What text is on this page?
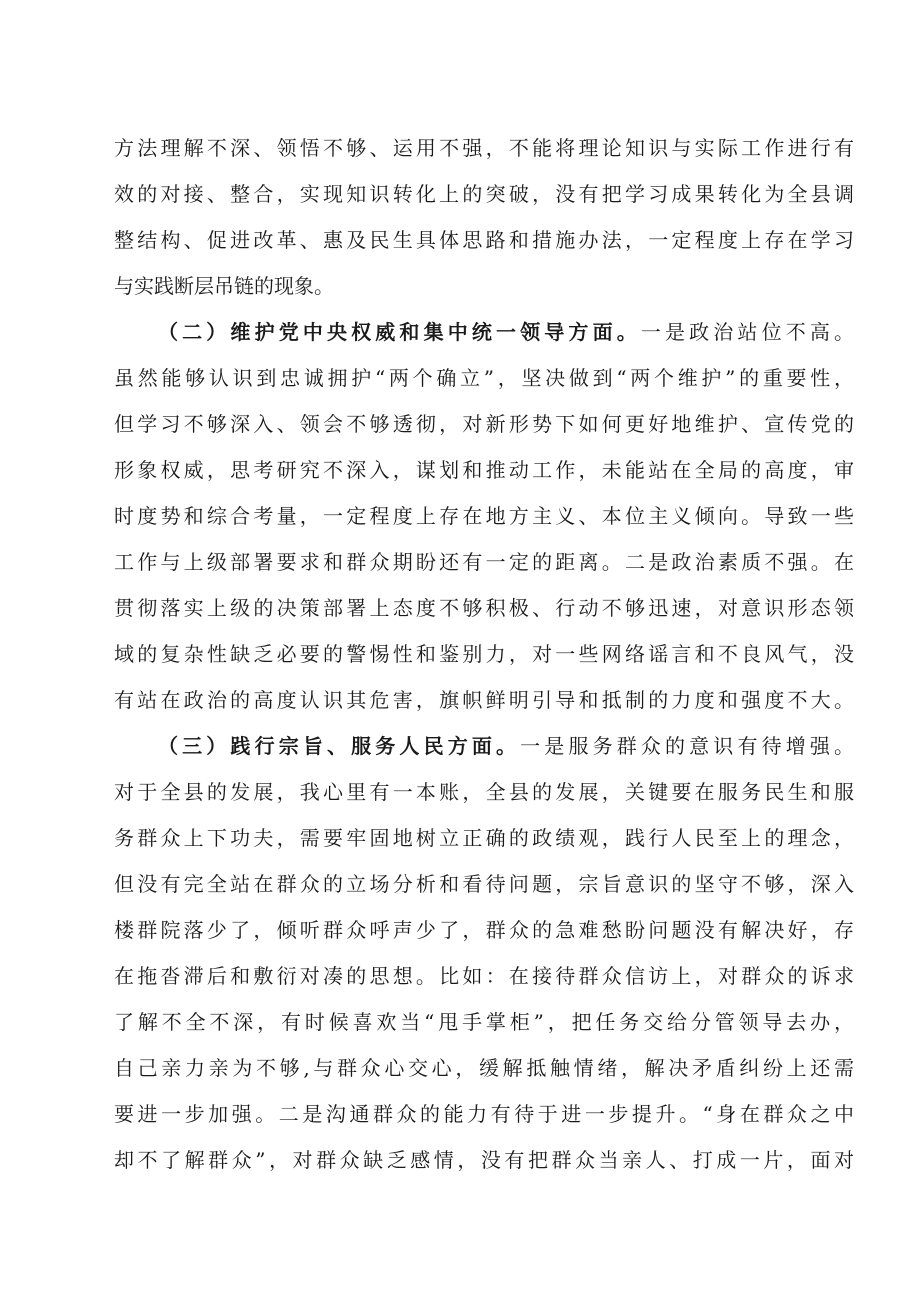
方法理解不深、领悟不够、运用不强，不能将理论知识与实际工作进行有
效的对接、整合，实现知识转化上的突破，没有把学习成果转化为全县调
整结构、促进改革、惠及民生具体思路和措施办法，一定程度上存在学习
与实践断层吊链的现象。
（二）维护党中央权威和集中统一领导方面。一是政治站位不高。
虽然能够认识到忠诚拥护“两个确立”，坚决做到“两个维护”的重要性，
但学习不够深入、领会不够透彻，对新形势下如何更好地维护、宣传党的
形象权威，思考研究不深入，谋划和推动工作，未能站在全局的高度，审
时度势和综合考量，一定程度上存在地方主义、本位主义倾向。导致一些
工作与上级部署要求和群众期盼还有一定的距离。二是政治素质不强。在
贯彻落实上级的决策部署上态度不够积极、行动不够迅速，对意识形态领
域的复杂性缺乏必要的警惕性和鉴别力，对一些网络谣言和不良风气，没
有站在政治的高度认识其危害，旗帜鲜明引导和抵制的力度和强度不大。
（三）践行宗旨、服务人民方面。一是服务群众的意识有待增强。
对于全县的发展，我心里有一本账，全县的发展，关键要在服务民生和服
务群众上下功夫，需要牢固地树立正确的政绩观，践行人民至上的理念，
但没有完全站在群众的立场分析和看待问题，宗旨意识的坚守不够，深入
楼群院落少了，倾听群众呼声少了，群众的急难愁盼问题没有解决好，存
在拖沓滞后和敷衍对凑的思想。比如：在接待群众信访上，对群众的诉求
了解不全不深，有时候喜欢当“甩手掌柜”，把任务交给分管领导去办，
自己亲力亲为不够,与群众心交心，缓解抵触情绪，解决矛盾纠纷上还需
要进一步加强。二是沟通群众的能力有待于进一步提升。“身在群众之中
却不了解群众”，对群众缺乏感情，没有把群众当亲人、打成一片，面对
